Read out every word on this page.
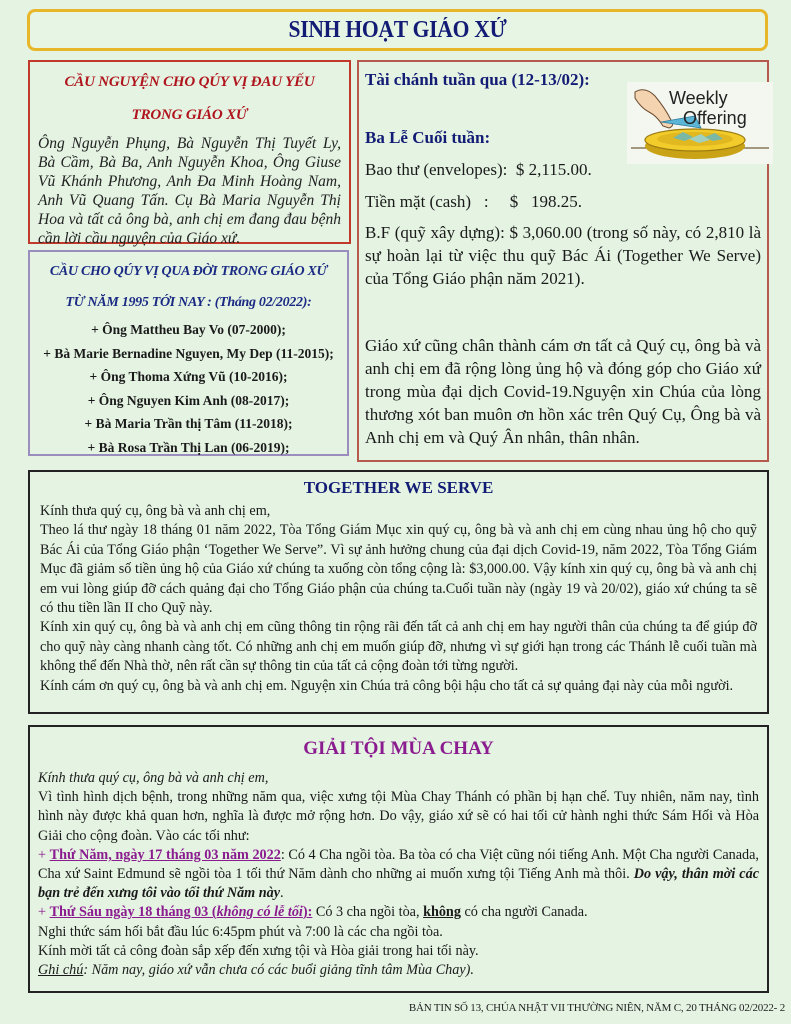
SINH HOẠT GIÁO XỨ
CẦU NGUYỆN CHO QÚY VỊ ĐAU YẾU
TRONG GIÁO XỨ

Ông Nguyễn Phụng, Bà Nguyễn Thị Tuyết Ly, Bà Cầm, Bà Ba, Anh Nguyễn Khoa, Ông Giuse Vũ Khánh Phương, Anh Đa Minh Hoàng Nam, Anh Vũ Quang Tấn. Cụ Bà Maria Nguyễn Thị Hoa và tất cả ông bà, anh chị em đang đau bệnh cần lời cầu nguyện của Giáo xứ.

CẦU CHO QÚY VỊ QUA ĐỜI TRONG GIÁO XỨ
TỪ NĂM 1995 TỚI NAY : (Tháng 02/2022):
+ Ông Mattheu Bay Vo (07-2000);
+ Bà Marie Bernadine Nguyen, My Dep (11-2015);
+ Ông Thoma Xứng Vũ (10-2016);
+ Ông Nguyen Kim Anh (08-2017);
+ Bà Maria Trần thị Tâm (11-2018);
+ Bà Rosa Trần Thị Lan (06-2019);

Tài chánh tuần qua (12-13/02):

Ba Lễ Cuối tuần:

Bao thư (envelopes):  $ 2,115.00.

Tiền mặt (cash)   :     $   198.25.

B.F (quỹ xây dựng): $ 3,060.00 (trong số này, có 2,810 là sự hoàn lại từ việc thu quỹ Bác Ái (Together We Serve) của Tổng Giáo phận năm 2021).

Giáo xứ cũng chân thành cám ơn tất cả Quý cụ, ông bà và anh chị em đã rộng lòng ủng hộ và đóng góp cho Giáo xứ trong mùa đại dịch Covid-19.Nguyện xin Chúa của lòng thương xót ban muôn ơn hồn xác trên Quý Cụ, Ông bà và Anh chị em và Quý Ân nhân, thân nhân.

Weekly
Offering
TOGETHER WE SERVE

Kính thưa quý cụ, ông bà và anh chị em,

Theo lá thư ngày 18 tháng 01 năm 2022, Tòa Tổng Giám Mục xin quý cụ, ông bà và anh chị em cùng nhau ủng hộ cho quỹ Bác Ái của Tổng Giáo phận ‘Together We Serve”. Vì sự ảnh hưởng chung của đại dịch Covid-19, năm 2022, Tòa Tổng Giám Mục đã giảm số tiền ủng hộ của Giáo xứ chúng ta xuống còn tổng cộng là: $3,000.00. Vậy kính xin quý cụ, ông bà và anh chị em vui lòng giúp đỡ cách quảng đại cho Tổng Giáo phận của chúng ta.Cuối tuần này (ngày 19 và 20/02), giáo xứ chúng ta sẽ có thu tiền lần II cho Quỹ này.

Kính xin quý cụ, ông bà và anh chị em cũng thông tin rộng rãi đến tất cả anh chị em hay người thân của chúng ta để giúp đỡ cho quỹ này càng nhanh càng tốt. Có những anh chị em muốn giúp đỡ, nhưng vì sự giới hạn trong các Thánh lễ cuối tuần mà không thể đến Nhà thờ, nên rất cần sự thông tin của tất cả cộng đoàn tới từng người.

Kính cám ơn quý cụ, ông bà và anh chị em. Nguyện xin Chúa trả công bội hậu cho tất cả sự quảng đại này của mỗi người.

GIẢI TỘI MÙA CHAY

Kính thưa quý cụ, ông bà và anh chị em,

Vì tình hình dịch bệnh, trong những năm qua, việc xưng tội Mùa Chay Thánh có phần bị hạn chế. Tuy nhiên, năm nay, tình hình này được khả quan hơn, nghĩa là được mở rộng hơn. Do vậy, giáo xứ sẽ có hai tối cử hành nghi thức Sám Hối và Hòa Giải cho cộng đoàn. Vào các tối như:

+ Thứ Năm, ngày 17 tháng 03 năm 2022: Có 4 Cha ngồi tòa. Ba tòa có cha Việt cũng nói tiếng Anh. Một Cha người Canada, Cha xứ Saint Edmund sẽ ngồi tòa 1 tối thứ Năm dành cho những ai muốn xưng tội Tiếng Anh mà thôi. Do vậy, thân mời các bạn trẻ đến xưng tôi vào tối thứ Năm này.

+ Thứ Sáu ngày 18 tháng 03 (không có lễ tối): Có 3 cha ngồi tòa, không có cha người Canada.

Nghi thức sám hối bắt đầu lúc 6:45pm phút và 7:00 là các cha ngồi tòa.

Kính mời tất cả công đoàn sắp xếp đến xưng tội và Hòa giải trong hai tối này.

Ghi chú: Năm nay, giáo xứ vẫn chưa có các buổi giảng tĩnh tâm Mùa Chay).

BẢN TIN SỐ 13, CHÚA NHẬT VII THƯỜNG NIÊN, NĂM C, 20 THÁNG 02/2022- 2
